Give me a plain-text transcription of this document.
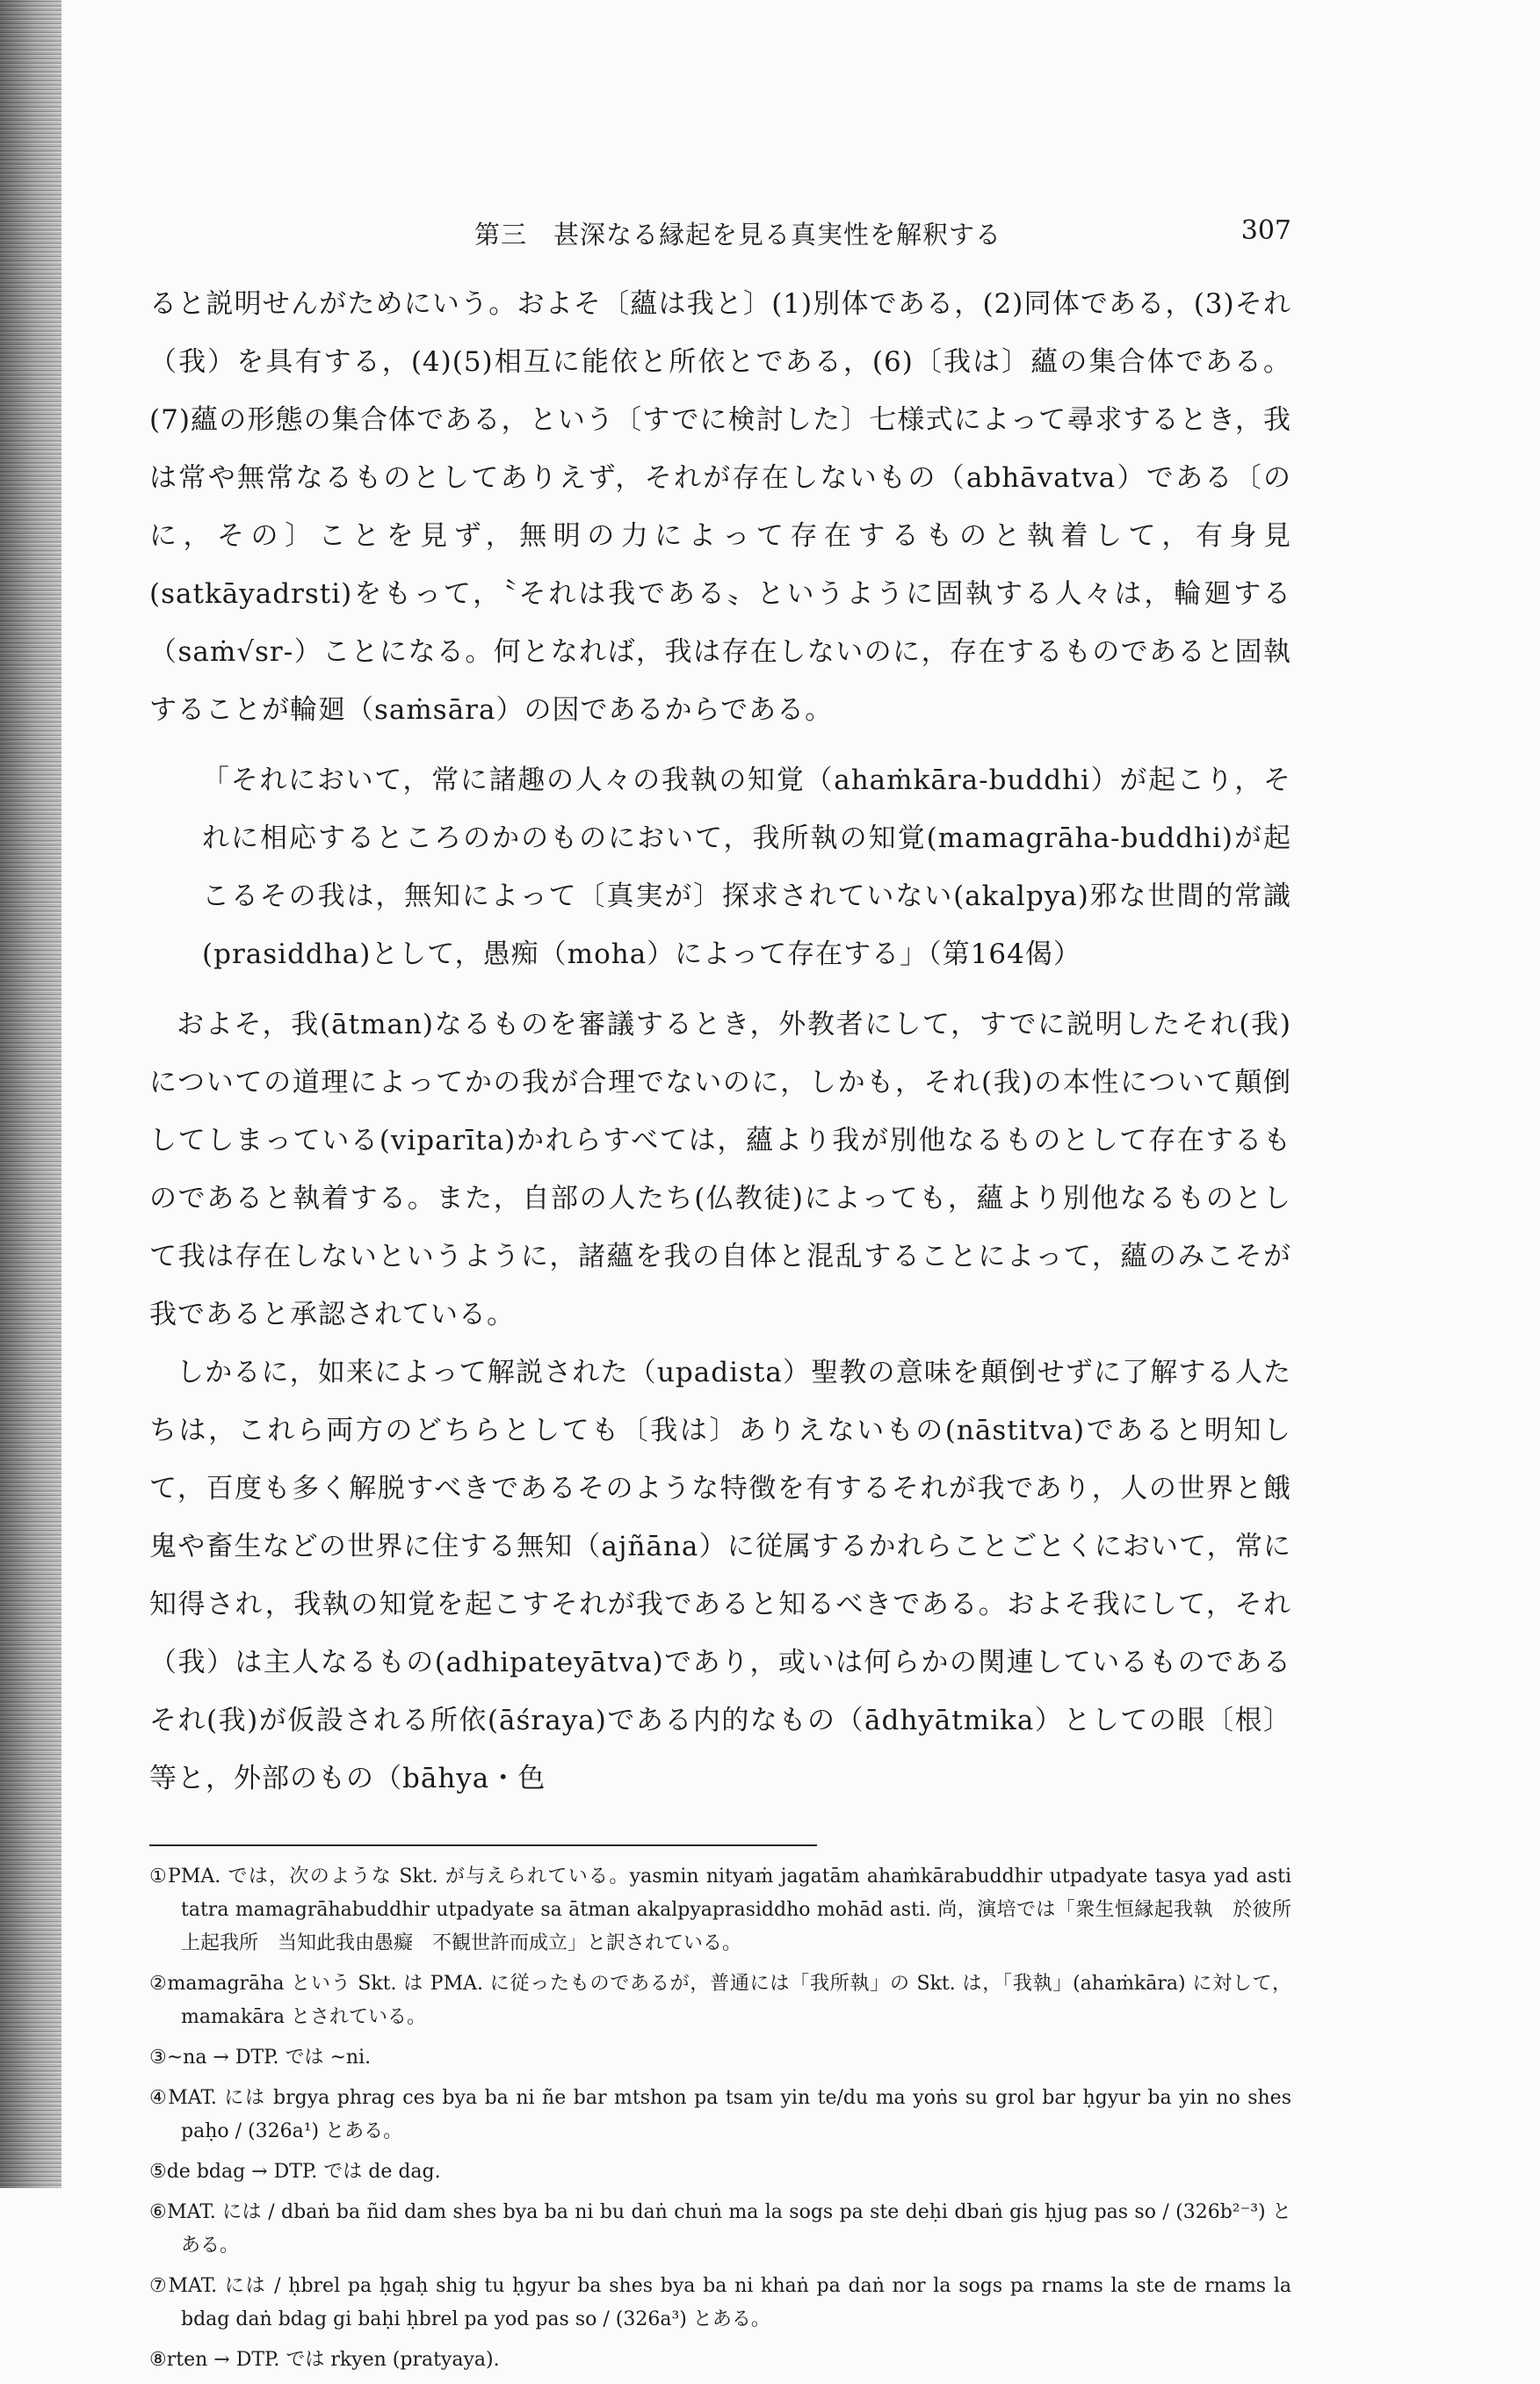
第三　甚深なる縁起を見る真実性を解釈する	307

ると説明せんがためにいう。およそ〔蘊は我と〕(1)別体である，(2)同体である，(3)それ（我）を具有する，(4)(5)相互に能依と所依とである，(6)〔我は〕蘊の集合体である。(7)蘊の形態の集合体である，という〔すでに検討した〕七様式によって尋求するとき，我は常や無常なるものとしてありえず，それが存在しないもの（abhāvatva）である〔のに，その〕ことを見ず，無明の力によって存在するものと執着して，有身見(satkāyadrsti)をもって，〝それは我である〟というように固執する人々は，輪廻する（saṁ√sr-）ことになる。何となれば，我は存在しないのに，存在するものであると固執することが輪廻（saṁsāra）の因であるからである。

「それにおいて，常に諸趣の人々の我執の知覚（ahaṁkāra-buddhi）が起こり，それに相応するところのかのものにおいて，我所執の知覚(mamagrāha-buddhi)が起こるその我は，無知によって〔真実が〕探求されていない(akalpya)邪な世間的常識(prasiddha)として，愚痴（moha）によって存在する」（第164偈）

およそ，我(ātman)なるものを審議するとき，外教者にして，すでに説明したそれ(我)についての道理によってかの我が合理でないのに，しかも，それ(我)の本性について顛倒してしまっている(viparīta)かれらすべては，蘊より我が別他なるものとして存在するものであると執着する。また，自部の人たち(仏教徒)によっても，蘊より別他なるものとして我は存在しないというように，諸蘊を我の自体と混乱することによって，蘊のみこそが我であると承認されている。

しかるに，如来によって解説された（upadista）聖教の意味を顛倒せずに了解する人たちは，これら両方のどちらとしても〔我は〕ありえないもの(nāstitva)であると明知して，百度も多く解脱すべきであるそのような特徴を有するそれが我であり，人の世界と餓鬼や畜生などの世界に住する無知（ajñāna）に従属するかれらことごとくにおいて，常に知得され，我執の知覚を起こすそれが我であると知るべきである。およそ我にして，それ（我）は主人なるもの(adhipateyātva)であり，或いは何らかの関連しているものであるそれ(我)が仮設される所依(āśraya)である内的なもの（ādhyātmika）としての眼〔根〕等と，外部のもの（bāhya・色

①PMA. では，次のような Skt. が与えられている。yasmin nityaṁ jagatām ahaṁkārabuddhir utpadyate tasya yad asti tatra mamagrāhabuddhir utpadyate sa ātman akalpyaprasiddho mohād asti. 尚，演培では「衆生恒縁起我執　於彼所上起我所　当知此我由愚癡　不観世許而成立」と訳されている。

②mamagrāha という Skt. は PMA. に従ったものであるが，普通には「我所執」の Skt. は，「我執」(ahaṁkāra) に対して，mamakāra とされている。

③~na → DTP. では ~ni.

④MAT. には brgya phrag ces bya ba ni ñe bar mtshon pa tsam yin te/du ma yoṅs su grol bar ḥgyur ba yin no shes paḥo / (326a¹) とある。

⑤de bdag → DTP. では de dag.

⑥MAT. には / dbaṅ ba ñid dam shes bya ba ni bu daṅ chuṅ ma la sogs pa ste deḥi dbaṅ gis ḥjug pas so / (326b²⁻³) とある。

⑦MAT. には / ḥbrel pa ḥgaḥ shig tu ḥgyur ba shes bya ba ni khaṅ pa daṅ nor la sogs pa rnams la ste de rnams la bdag daṅ bdag gi baḥi ḥbrel pa yod pas so / (326a³) とある。

⑧rten → DTP. では rkyen (pratyaya).
